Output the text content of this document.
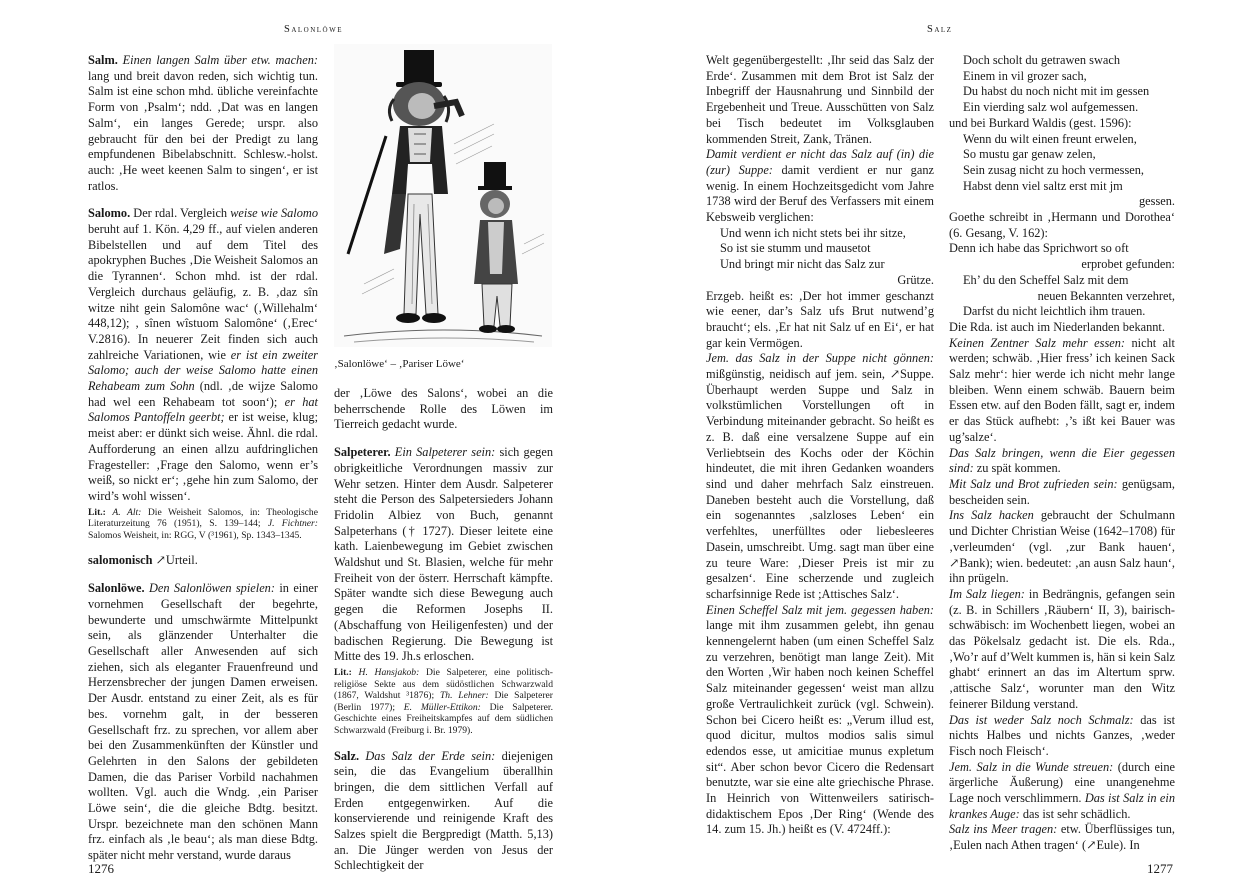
Salonlöwe

Salm. Einen langen Salm über etw. machen: lang und breit davon reden, sich wichtig tun. Salm ist eine schon mhd. übliche vereinfachte Form von ‚Psalm‘; ndd. ‚Dat was en langen Salm‘, ein langes Gerede; urspr. also gebraucht für den bei der Predigt zu lang empfundenen Bibelabschnitt. Schlesw.-holst. auch: ‚He weet keenen Salm to singen‘, er ist ratlos.

Salomo. Der rdal. Vergleich weise wie Salomo beruht auf 1. Kön. 4,29 ff., auf vielen anderen Bibelstellen und auf dem Titel des apokryphen Buches ‚Die Weisheit Salomos an die Tyrannen‘. Schon mhd. ist der rdal. Vergleich durchaus geläufig, z. B. ‚daz sîn witze niht gein Salomône wac‘ (‚Willehalm‘ 448,12); ‚ sînen wîstuom Salomône‘ (‚Erec‘ V.2816). In neuerer Zeit finden sich auch zahlreiche Variationen, wie er ist ein zweiter Salomo; auch der weise Salomo hatte einen Rehabeam zum Sohn (ndl. ‚de wijze Salomo had wel een Rehabeam tot soon‘); er hat Salomos Pantoffeln geerbt; er ist weise, klug; meist aber: er dünkt sich weise. Ähnl. die rdal. Aufforderung an einen allzu aufdringlichen Fragesteller: ‚Frage den Salomo, wenn er’s weiß, so nickt er‘; ‚gehe hin zum Salomo, der wird’s wohl wissen‘.

Lit.: A. Alt: Die Weisheit Salomos, in: Theologische Literaturzeitung 76 (1951), S. 139–144; J. Fichtner: Salomos Weisheit, in: RGG, V (³1961), Sp. 1343–1345.

salomonisch ↗Urteil.

Salonlöwe. Den Salonlöwen spielen: in einer vornehmen Gesellschaft der begehrte, bewunderte und umschwärmte Mittelpunkt sein, als glänzender Unterhalter die Gesellschaft aller Anwesenden auf sich ziehen, sich als eleganter Frauenfreund und Herzensbrecher der jungen Damen erweisen. Der Ausdr. entstand zu einer Zeit, als es für bes. vornehm galt, in der besseren Gesellschaft frz. zu sprechen, vor allem aber bei den Zusammenkünften der Künstler und Gelehrten in den Salons der gebildeten Damen, die das Pariser Vorbild nachahmen wollten. Vgl. auch die Wndg. ‚ein Pariser Löwe sein‘, die die gleiche Bdtg. besitzt. Urspr. bezeichnete man den schönen Mann frz. einfach als ‚le beau‘; als man diese Bdtg. später nicht mehr verstand, wurde daraus

‚Salonlöwe‘ – ‚Pariser Löwe‘

der ‚Löwe des Salons‘, wobei an die beherrschende Rolle des Löwen im Tierreich gedacht wurde.

Salpeterer. Ein Salpeterer sein: sich gegen obrigkeitliche Verordnungen massiv zur Wehr setzen. Hinter dem Ausdr. Salpeterer steht die Person des Salpetersieders Johann Fridolin Albiez von Buch, genannt Salpeterhans († 1727). Dieser leitete eine kath. Laienbewegung im Gebiet zwischen Waldshut und St. Blasien, welche für mehr Freiheit von der österr. Herrschaft kämpfte. Später wandte sich diese Bewegung auch gegen die Reformen Josephs II. (Abschaffung von Heiligenfesten) und der badischen Regierung. Die Bewegung ist Mitte des 19. Jh.s erloschen.

Lit.: H. Hansjakob: Die Salpeterer, eine politisch-religiöse Sekte aus dem südöstlichen Schwarzwald (1867, Waldshut ³1876); Th. Lehner: Die Salpeterer (Berlin 1977); E. Müller-Ettikon: Die Salpeterer. Geschichte eines Freiheitskampfes auf dem südlichen Schwarzwald (Freiburg i. Br. 1979).

Salz. Das Salz der Erde sein: diejenigen sein, die das Evangelium überallhin bringen, die dem sittlichen Verfall auf Erden entgegenwirken. Auf die konservierende und reinigende Kraft des Salzes spielt die Bergpredigt (Matth. 5,13) an. Die Jünger werden von Jesus der Schlechtigkeit der

1276
Salz

Welt gegenübergestellt: ‚Ihr seid das Salz der Erde‘. Zusammen mit dem Brot ist Salz der Inbegriff der Hausnahrung und Sinnbild der Ergebenheit und Treue. Ausschütten von Salz bei Tisch bedeutet im Volksglauben kommenden Streit, Zank, Tränen.

Damit verdient er nicht das Salz auf (in) die (zur) Suppe: damit verdient er nur ganz wenig. In einem Hochzeitsgedicht vom Jahre 1738 wird der Beruf des Verfassers mit einem Kebsweib verglichen:

Und wenn ich nicht stets bei ihr sitze,
So ist sie stumm und mausetot
Und bringt mir nicht das Salz zur
Grütze.

Erzgeb. heißt es: ‚Der hot immer geschanzt wie eener, dar’s Salz ufs Brut nutwend’g braucht‘; els. ‚Er hat nit Salz uf en Ei‘, er hat gar kein Vermögen.

Jem. das Salz in der Suppe nicht gönnen: mißgünstig, neidisch auf jem. sein, ↗Suppe. Überhaupt werden Suppe und Salz in volkstümlichen Vorstellungen oft in Verbindung miteinander gebracht. So heißt es z. B. daß eine versalzene Suppe auf ein Verliebtsein des Kochs oder der Köchin hindeutet, die mit ihren Gedanken woanders sind und daher mehrfach Salz einstreuen. Daneben besteht auch die Vorstellung, daß ein sogenanntes ‚salzloses Leben‘ ein verfehltes, unerfülltes oder liebesleeres Dasein, umschreibt. Umg. sagt man über eine zu teure Ware: ‚Dieser Preis ist mir zu gesalzen‘. Eine scherzende und zugleich scharfsinnige Rede ist ;Attisches Salz‘.

Einen Scheffel Salz mit jem. gegessen haben: lange mit ihm zusammen gelebt, ihn genau kennengelernt haben (um einen Scheffel Salz zu verzehren, benötigt man lange Zeit). Mit den Worten ‚Wir haben noch keinen Scheffel Salz miteinander gegessen‘ weist man allzu große Vertraulichkeit zurück (vgl. Schwein). Schon bei Cicero heißt es: „Verum illud est, quod dicitur, multos modios salis simul edendos esse, ut amicitiae munus expletum sit“. Aber schon bevor Cicero die Redensart benutzte, war sie eine alte griechische Phrase. In Heinrich von Wittenweilers satirisch-didaktischem Epos ‚Der Ring‘ (Wende des 14. zum 15. Jh.) heißt es (V. 4724ff.):

Doch scholt du getrawen swach
Einem in vil grozer sach,
Du habst du noch nicht mit im gessen
Ein vierding salz wol aufgemessen.

und bei Burkard Waldis (gest. 1596):

Wenn du wilt einen freunt erwelen,
So mustu gar genaw zelen,
Sein zusag nicht zu hoch vermessen,
Habst denn viel saltz erst mit jm
gessen.

Goethe schreibt in ‚Hermann und Dorothea‘ (6. Gesang, V. 162):

Denn ich habe das Sprichwort so oft

erprobet gefunden:
Eh’ du den Scheffel Salz mit dem
neuen Bekannten verzehret,
Darfst du nicht leichtlich ihm trauen.

Die Rda. ist auch im Niederlanden bekannt.

Keinen Zentner Salz mehr essen: nicht alt werden; schwäb. ‚Hier fress’ ich keinen Sack Salz mehr‘: hier werde ich nicht mehr lange bleiben. Wenn einem schwäb. Bauern beim Essen etw. auf den Boden fällt, sagt er, indem er das Stück aufhebt: ‚’s ißt kei Bauer was ug’salze‘.

Das Salz bringen, wenn die Eier gegessen sind: zu spät kommen.

Mit Salz und Brot zufrieden sein: genügsam, bescheiden sein.

Ins Salz hacken gebraucht der Schulmann und Dichter Christian Weise (1642–1708) für ‚verleumden‘ (vgl. ‚zur Bank hauen‘, ↗Bank); wien. bedeutet: ‚an ausn Salz haun‘, ihn prügeln.

Im Salz liegen: in Bedrängnis, gefangen sein (z. B. in Schillers ‚Räubern‘ II, 3), bairisch-schwäbisch: im Wochenbett liegen, wobei an das Pökelsalz gedacht ist. Die els. Rda., ‚Wo’r auf d’Welt kummen is, hän si kein Salz ghabt‘ erinnert an das im Altertum sprw. ‚attische Salz‘, worunter man den Witz feinerer Bildung verstand.

Das ist weder Salz noch Schmalz: das ist nichts Halbes und nichts Ganzes, ‚weder Fisch noch Fleisch‘.

Jem. Salz in die Wunde streuen: (durch eine ärgerliche Äußerung) eine unangenehme Lage noch verschlimmern. Das ist Salz in ein krankes Auge: das ist sehr schädlich.

Salz ins Meer tragen: etw. Überflüssiges tun, ‚Eulen nach Athen tragen‘ (↗Eule). In

1277
